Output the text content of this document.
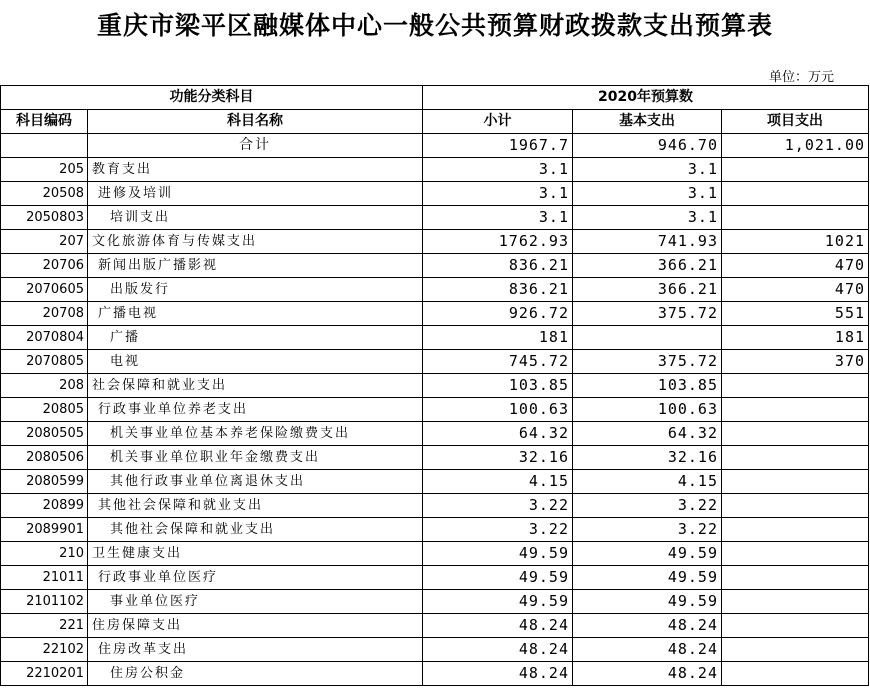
重庆市梁平区融媒体中心一般公共预算财政拨款支出预算表
单位：万元
功能分类科目		2020年预算数		
科目编码	科目名称	小计	基本支出	项目支出
	合计	1967.7	946.70	1,021.00
205	教育支出	3.1	3.1	
20508	进修及培训	3.1	3.1	
2050803	培训支出	3.1	3.1	
207	文化旅游体育与传媒支出	1762.93	741.93	1021
20706	新闻出版广播影视	836.21	366.21	470
2070605	出版发行	836.21	366.21	470
20708	广播电视	926.72	375.72	551
2070804	广播	181		181
2070805	电视	745.72	375.72	370
208	社会保障和就业支出	103.85	103.85	
20805	行政事业单位养老支出	100.63	100.63	
2080505	机关事业单位基本养老保险缴费支出	64.32	64.32	
2080506	机关事业单位职业年金缴费支出	32.16	32.16	
2080599	其他行政事业单位离退休支出	4.15	4.15	
20899	其他社会保障和就业支出	3.22	3.22	
2089901	其他社会保障和就业支出	3.22	3.22	
210	卫生健康支出	49.59	49.59	
21011	行政事业单位医疗	49.59	49.59	
2101102	事业单位医疗	49.59	49.59	
221	住房保障支出	48.24	48.24	
22102	住房改革支出	48.24	48.24	
2210201	住房公积金	48.24	48.24	
